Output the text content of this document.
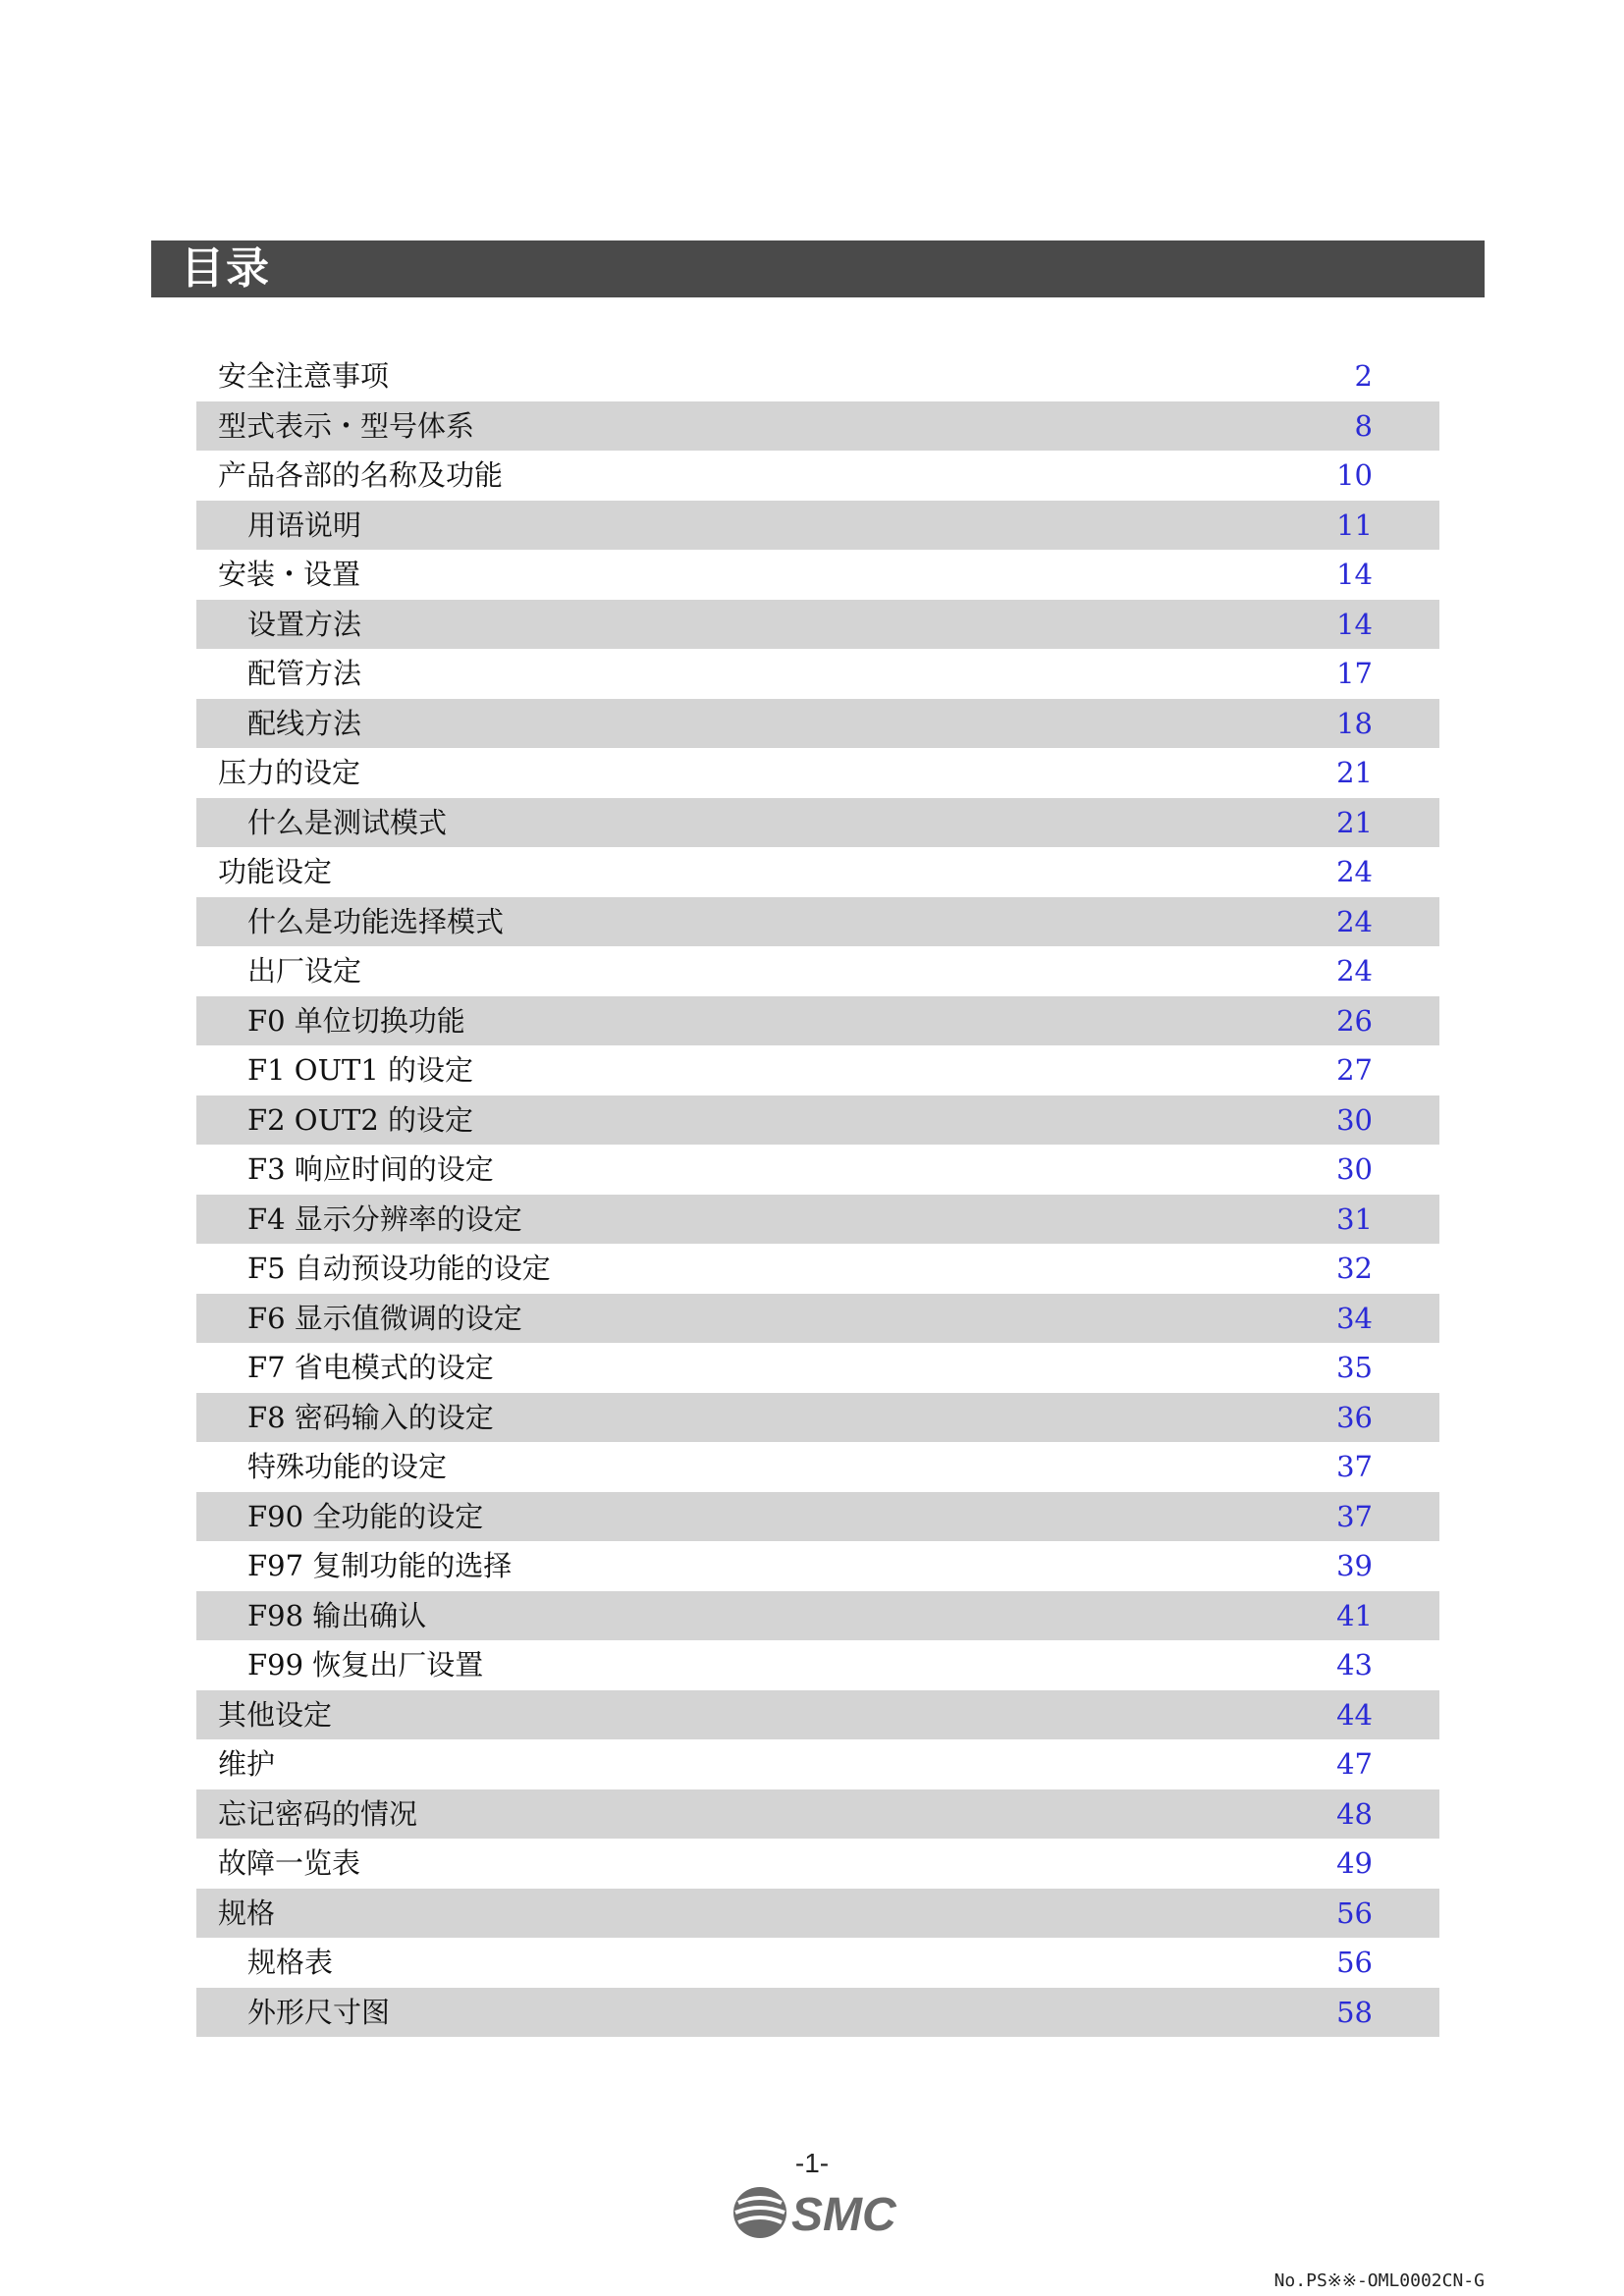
目录
安全注意事项	2
型式表示・型号体系	8
产品各部的名称及功能	10
用语说明	11
安装・设置	14
设置方法	14
配管方法	17
配线方法	18
压力的设定	21
什么是测试模式	21
功能设定	24
什么是功能选择模式	24
出厂设定	24
F0 单位切换功能	26
F1 OUT1 的设定	27
F2 OUT2 的设定	30
F3 响应时间的设定	30
F4 显示分辨率的设定	31
F5 自动预设功能的设定	32
F6 显示值微调的设定	34
F7 省电模式的设定	35
F8 密码输入的设定	36
特殊功能的设定	37
F90 全功能的设定	37
F97 复制功能的选择	39
F98 输出确认	41
F99 恢复出厂设置	43
其他设定	44
维护	47
忘记密码的情况	48
故障一览表	49
规格	56
规格表	56
外形尺寸图	58
-1-
SMC
No.PS※※-OML0002CN-G
